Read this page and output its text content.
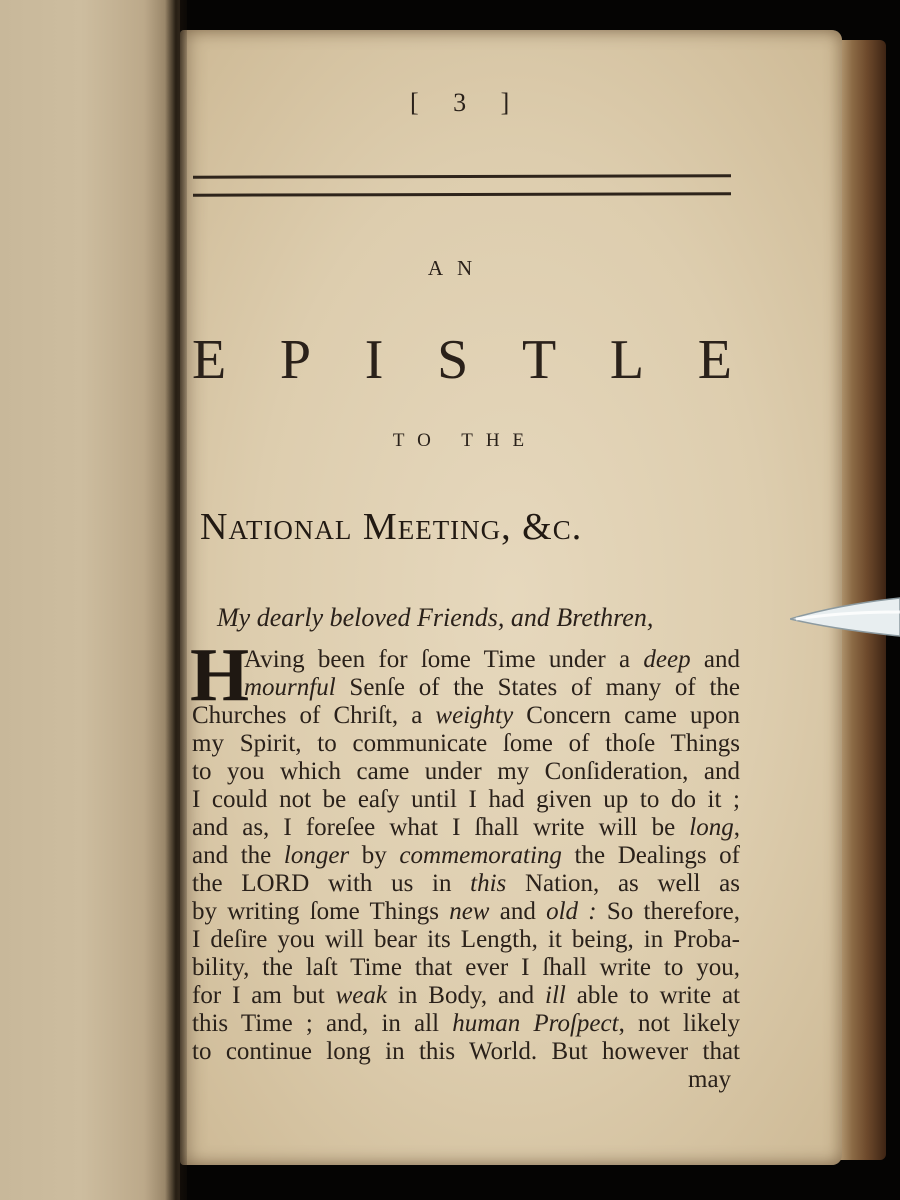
[ 3 ]
AN
E P I S T L E
TO THE
National Meeting, &c.
My dearly beloved Friends, and Brethren,
H
Aving been for ſome Time under a deep and
mournful Senſe of the States of many of the
Churches of Chriſt, a weighty Concern came upon
my Spirit, to communicate ſome of thoſe Things
to you which came under my Conſideration, and
I could not be eaſy until I had given up to do it ;
and as, I foreſee what I ſhall write will be long,
and the longer by commemorating the Dealings of
the LORD with us in this Nation, as well as
by writing ſome Things new and old : So therefore,
I deſire you will bear its Length, it being, in Proba-
bility, the laſt Time that ever I ſhall write to you,
for I am but weak in Body, and ill able to write at
this Time ; and, in all human Proſpect, not likely
to continue long in this World. But however that
may
